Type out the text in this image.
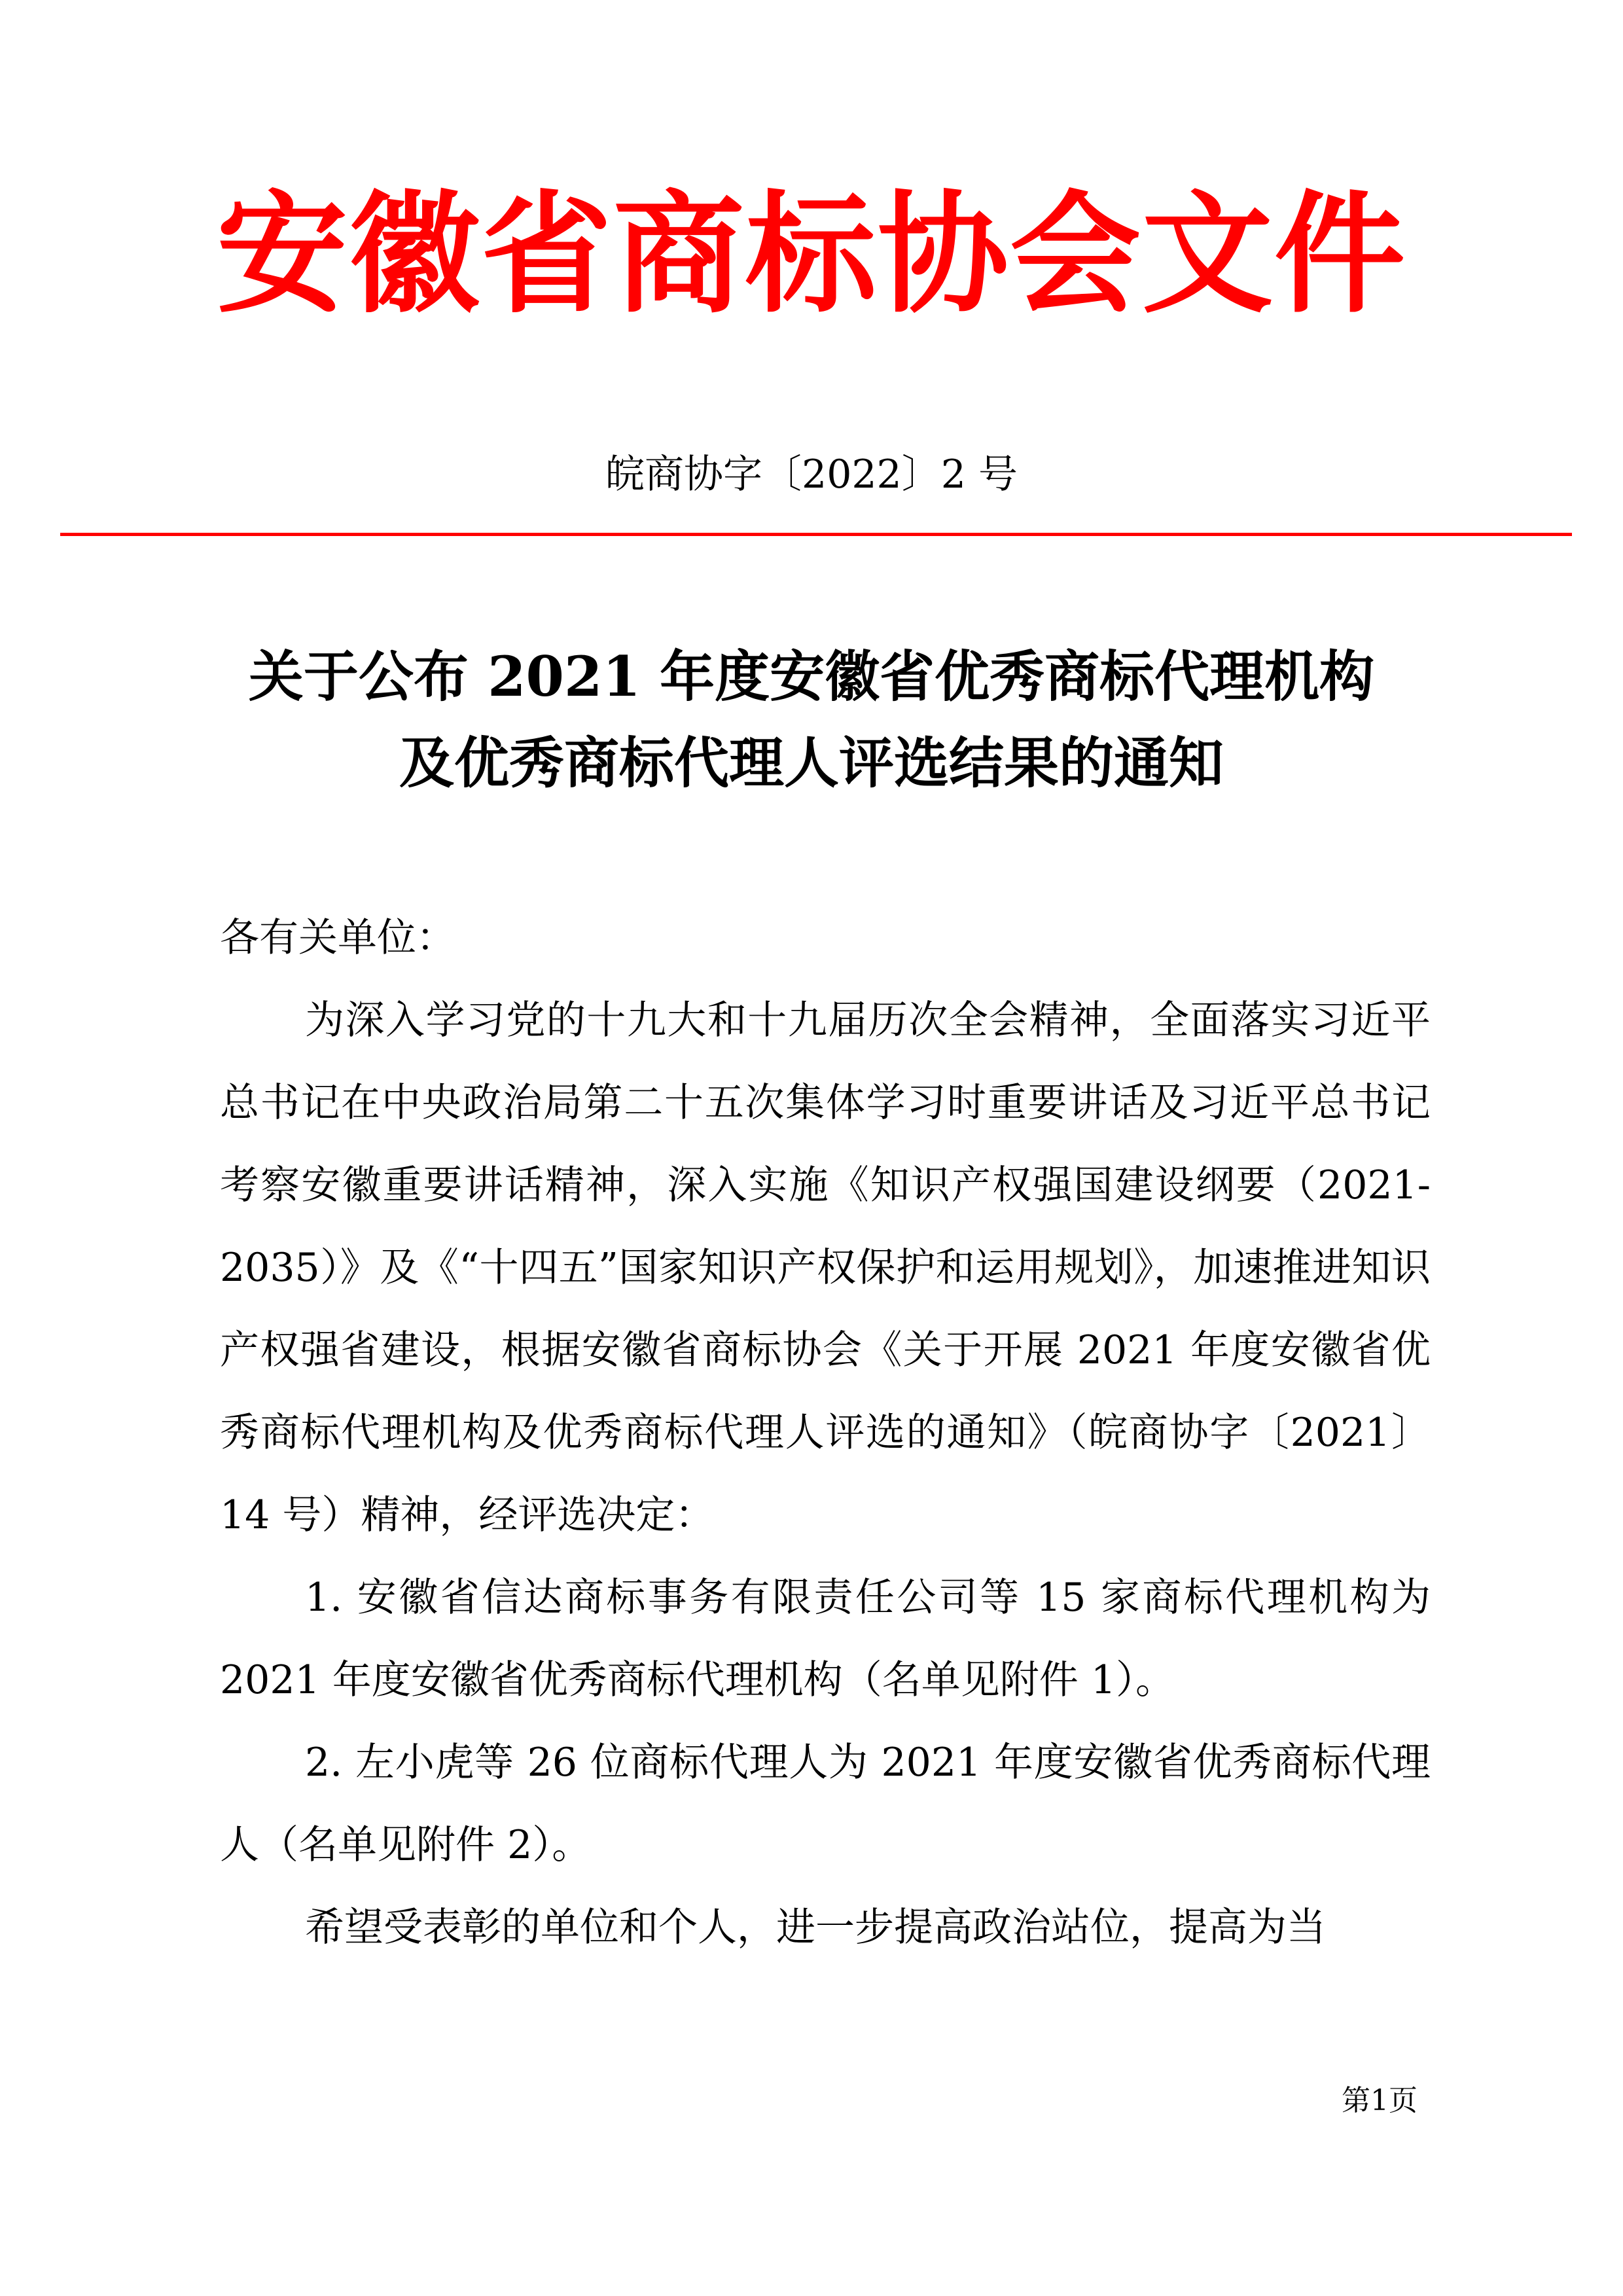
安徽省商标协会文件
皖商协字〔2022〕2 号
关于公布 2021 年度安徽省优秀商标代理机构
及优秀商标代理人评选结果的通知

各有关单位：

为深入学习党的十九大和十九届历次全会精神，全面落实习近平总书记在中央政治局第二十五次集体学习时重要讲话及习近平总书记考察安徽重要讲话精神，深入实施《知识产权强国建设纲要（2021-2035）》及《“十四五”国家知识产权保护和运用规划》，加速推进知识产权强省建设，根据安徽省商标协会《关于开展 2021 年度安徽省优秀商标代理机构及优秀商标代理人评选的通知》（皖商协字〔2021〕14 号）精神，经评选决定：

1. 安徽省信达商标事务有限责任公司等 15 家商标代理机构为 2021 年度安徽省优秀商标代理机构（名单见附件 1）。

2. 左小虎等 26 位商标代理人为 2021 年度安徽省优秀商标代理人（名单见附件 2）。

希望受表彰的单位和个人，进一步提高政治站位，提高为当

第1页
